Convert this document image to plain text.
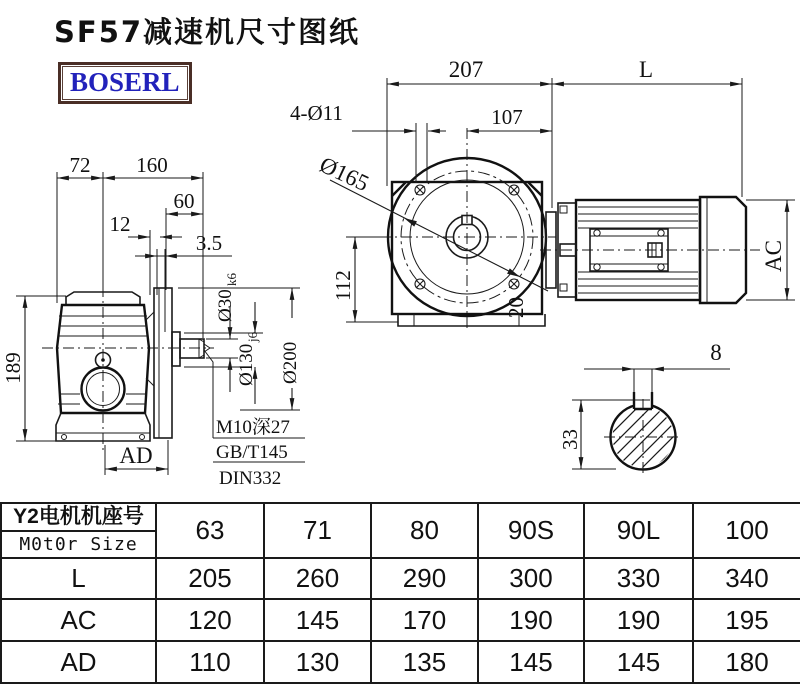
SF57减速机尺寸图纸
BOSERL
72 160
60
12
3.5
189
AD
Ø30
k6
Ø130
j6
Ø200
M10深27
GB/T145
DIN332
Ø165
112
20
207	L
107
4-Ø11
AC
8
33
Y2电机机座号
M0t0r Size	63	71	80	90S	90L	100
L	205	260	290	300	330	340
AC	120	145	170	190	190	195
AD	110	130	135	145	145	180
